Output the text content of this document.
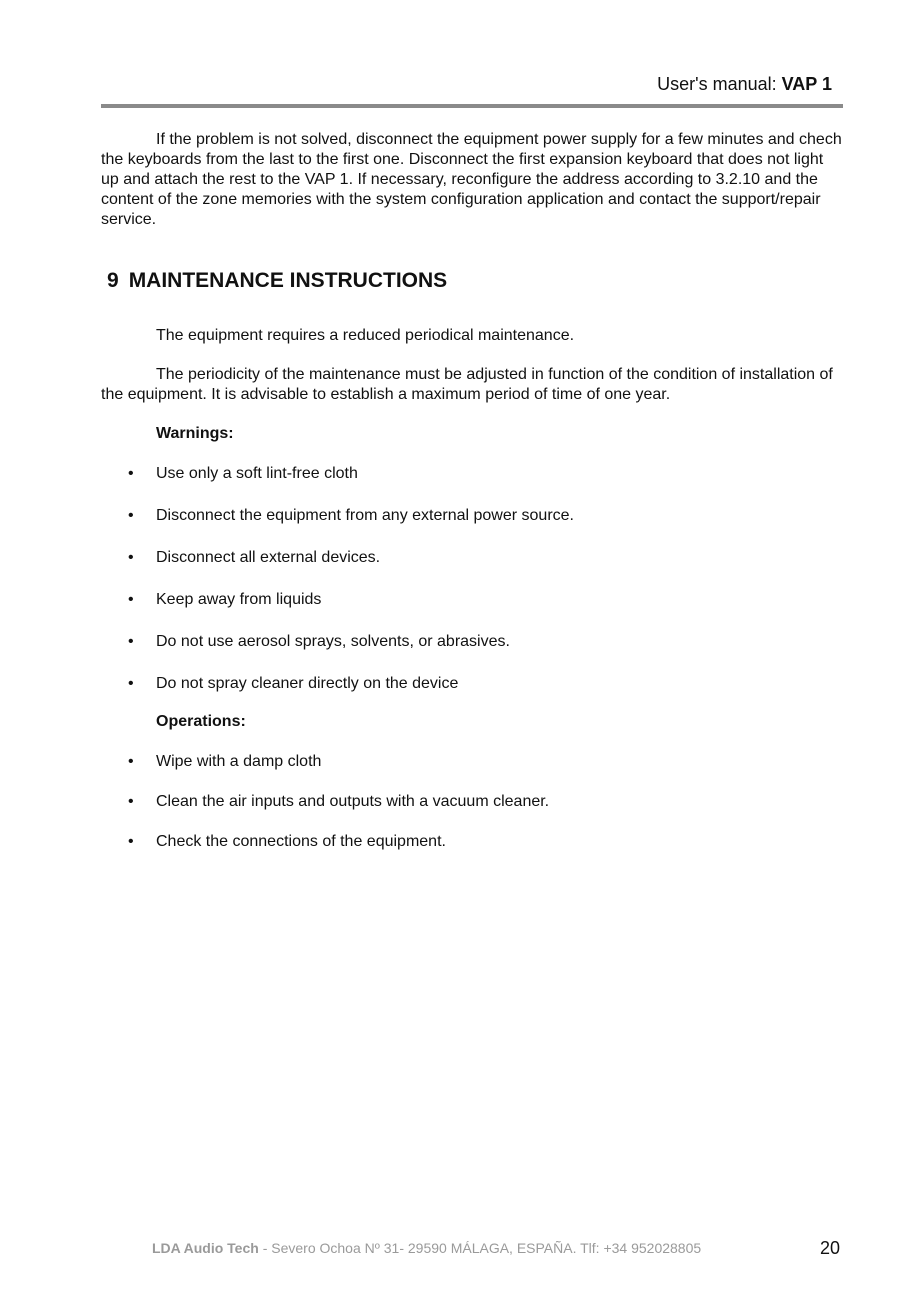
User's manual: VAP 1

If the problem is not solved, disconnect the equipment power supply for a few minutes and chech the keyboards from the last to the first one. Disconnect the first expansion keyboard that does not light up and attach the rest to the VAP 1. If necessary, reconfigure the address according to 3.2.10 and the content of the zone memories with the system configuration application and contact the support/repair service.

9 MAINTENANCE INSTRUCTIONS

The equipment requires a reduced periodical maintenance.

The periodicity of the maintenance must be adjusted in function of the condition of installation of the equipment. It is advisable to establish a maximum period of time of one year.

Warnings:

• Use only a soft lint-free cloth
• Disconnect the equipment from any external power source.
• Disconnect all external devices.
• Keep away from liquids
• Do not use aerosol sprays, solvents, or abrasives.
• Do not spray cleaner directly on the device

Operations:

• Wipe with a damp cloth
• Clean the air inputs and outputs with a vacuum cleaner.
• Check the connections of the equipment.
LDA Audio Tech - Severo Ochoa Nº 31- 29590 MÁLAGA, ESPAÑA. Tlf: +34 952028805	20
